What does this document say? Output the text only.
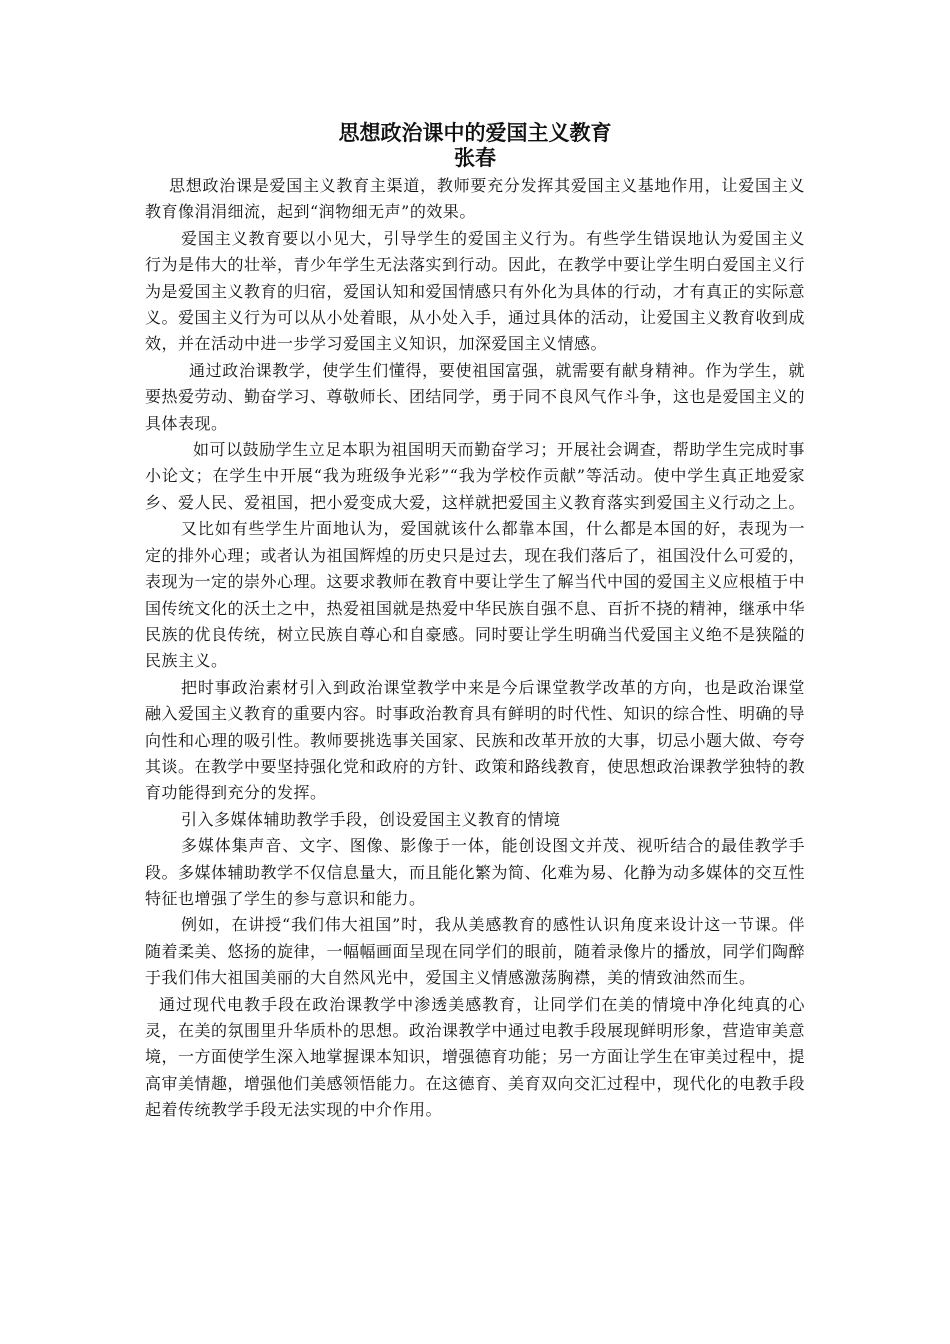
思想政治课中的爱国主义教育
张春

思想政治课是爱国主义教育主渠道，教师要充分发挥其爱国主义基地作用，让爱国主义教育像涓涓细流，起到“润物细无声”的效果。

爱国主义教育要以小见大，引导学生的爱国主义行为。有些学生错误地认为爱国主义行为是伟大的壮举，青少年学生无法落实到行动。因此，在教学中要让学生明白爱国主义行为是爱国主义教育的归宿，爱国认知和爱国情感只有外化为具体的行动，才有真正的实际意义。爱国主义行为可以从小处着眼，从小处入手，通过具体的活动，让爱国主义教育收到成效，并在活动中进一步学习爱国主义知识，加深爱国主义情感。

通过政治课教学，使学生们懂得，要使祖国富强，就需要有献身精神。作为学生，就要热爱劳动、勤奋学习、尊敬师长、团结同学，勇于同不良风气作斗争，这也是爱国主义的具体表现。

如可以鼓励学生立足本职为祖国明天而勤奋学习；开展社会调查，帮助学生完成时事小论文；在学生中开展“我为班级争光彩”“我为学校作贡献”等活动。使中学生真正地爱家乡、爱人民、爱祖国，把小爱变成大爱，这样就把爱国主义教育落实到爱国主义行动之上。

又比如有些学生片面地认为，爱国就该什么都靠本国，什么都是本国的好，表现为一定的排外心理；或者认为祖国辉煌的历史只是过去，现在我们落后了，祖国没什么可爱的，表现为一定的崇外心理。这要求教师在教育中要让学生了解当代中国的爱国主义应根植于中国传统文化的沃土之中，热爱祖国就是热爱中华民族自强不息、百折不挠的精神，继承中华民族的优良传统，树立民族自尊心和自豪感。同时要让学生明确当代爱国主义绝不是狭隘的民族主义。

把时事政治素材引入到政治课堂教学中来是今后课堂教学改革的方向，也是政治课堂融入爱国主义教育的重要内容。时事政治教育具有鲜明的时代性、知识的综合性、明确的导向性和心理的吸引性。教师要挑选事关国家、民族和改革开放的大事，切忌小题大做、夸夸其谈。在教学中要坚持强化党和政府的方针、政策和路线教育，使思想政治课教学独特的教育功能得到充分的发挥。

引入多媒体辅助教学手段，创设爱国主义教育的情境

多媒体集声音、文字、图像、影像于一体，能创设图文并茂、视听结合的最佳教学手段。多媒体辅助教学不仅信息量大，而且能化繁为简、化难为易、化静为动多媒体的交互性特征也增强了学生的参与意识和能力。

例如，在讲授“我们伟大祖国”时，我从美感教育的感性认识角度来设计这一节课。伴随着柔美、悠扬的旋律，一幅幅画面呈现在同学们的眼前，随着录像片的播放，同学们陶醉于我们伟大祖国美丽的大自然风光中，爱国主义情感激荡胸襟，美的情致油然而生。

通过现代电教手段在政治课教学中渗透美感教育，让同学们在美的情境中净化纯真的心灵，在美的氛围里升华质朴的思想。政治课教学中通过电教手段展现鲜明形象，营造审美意境，一方面使学生深入地掌握课本知识，增强德育功能；另一方面让学生在审美过程中，提高审美情趣，增强他们美感领悟能力。在这德育、美育双向交汇过程中，现代化的电教手段起着传统教学手段无法实现的中介作用。
